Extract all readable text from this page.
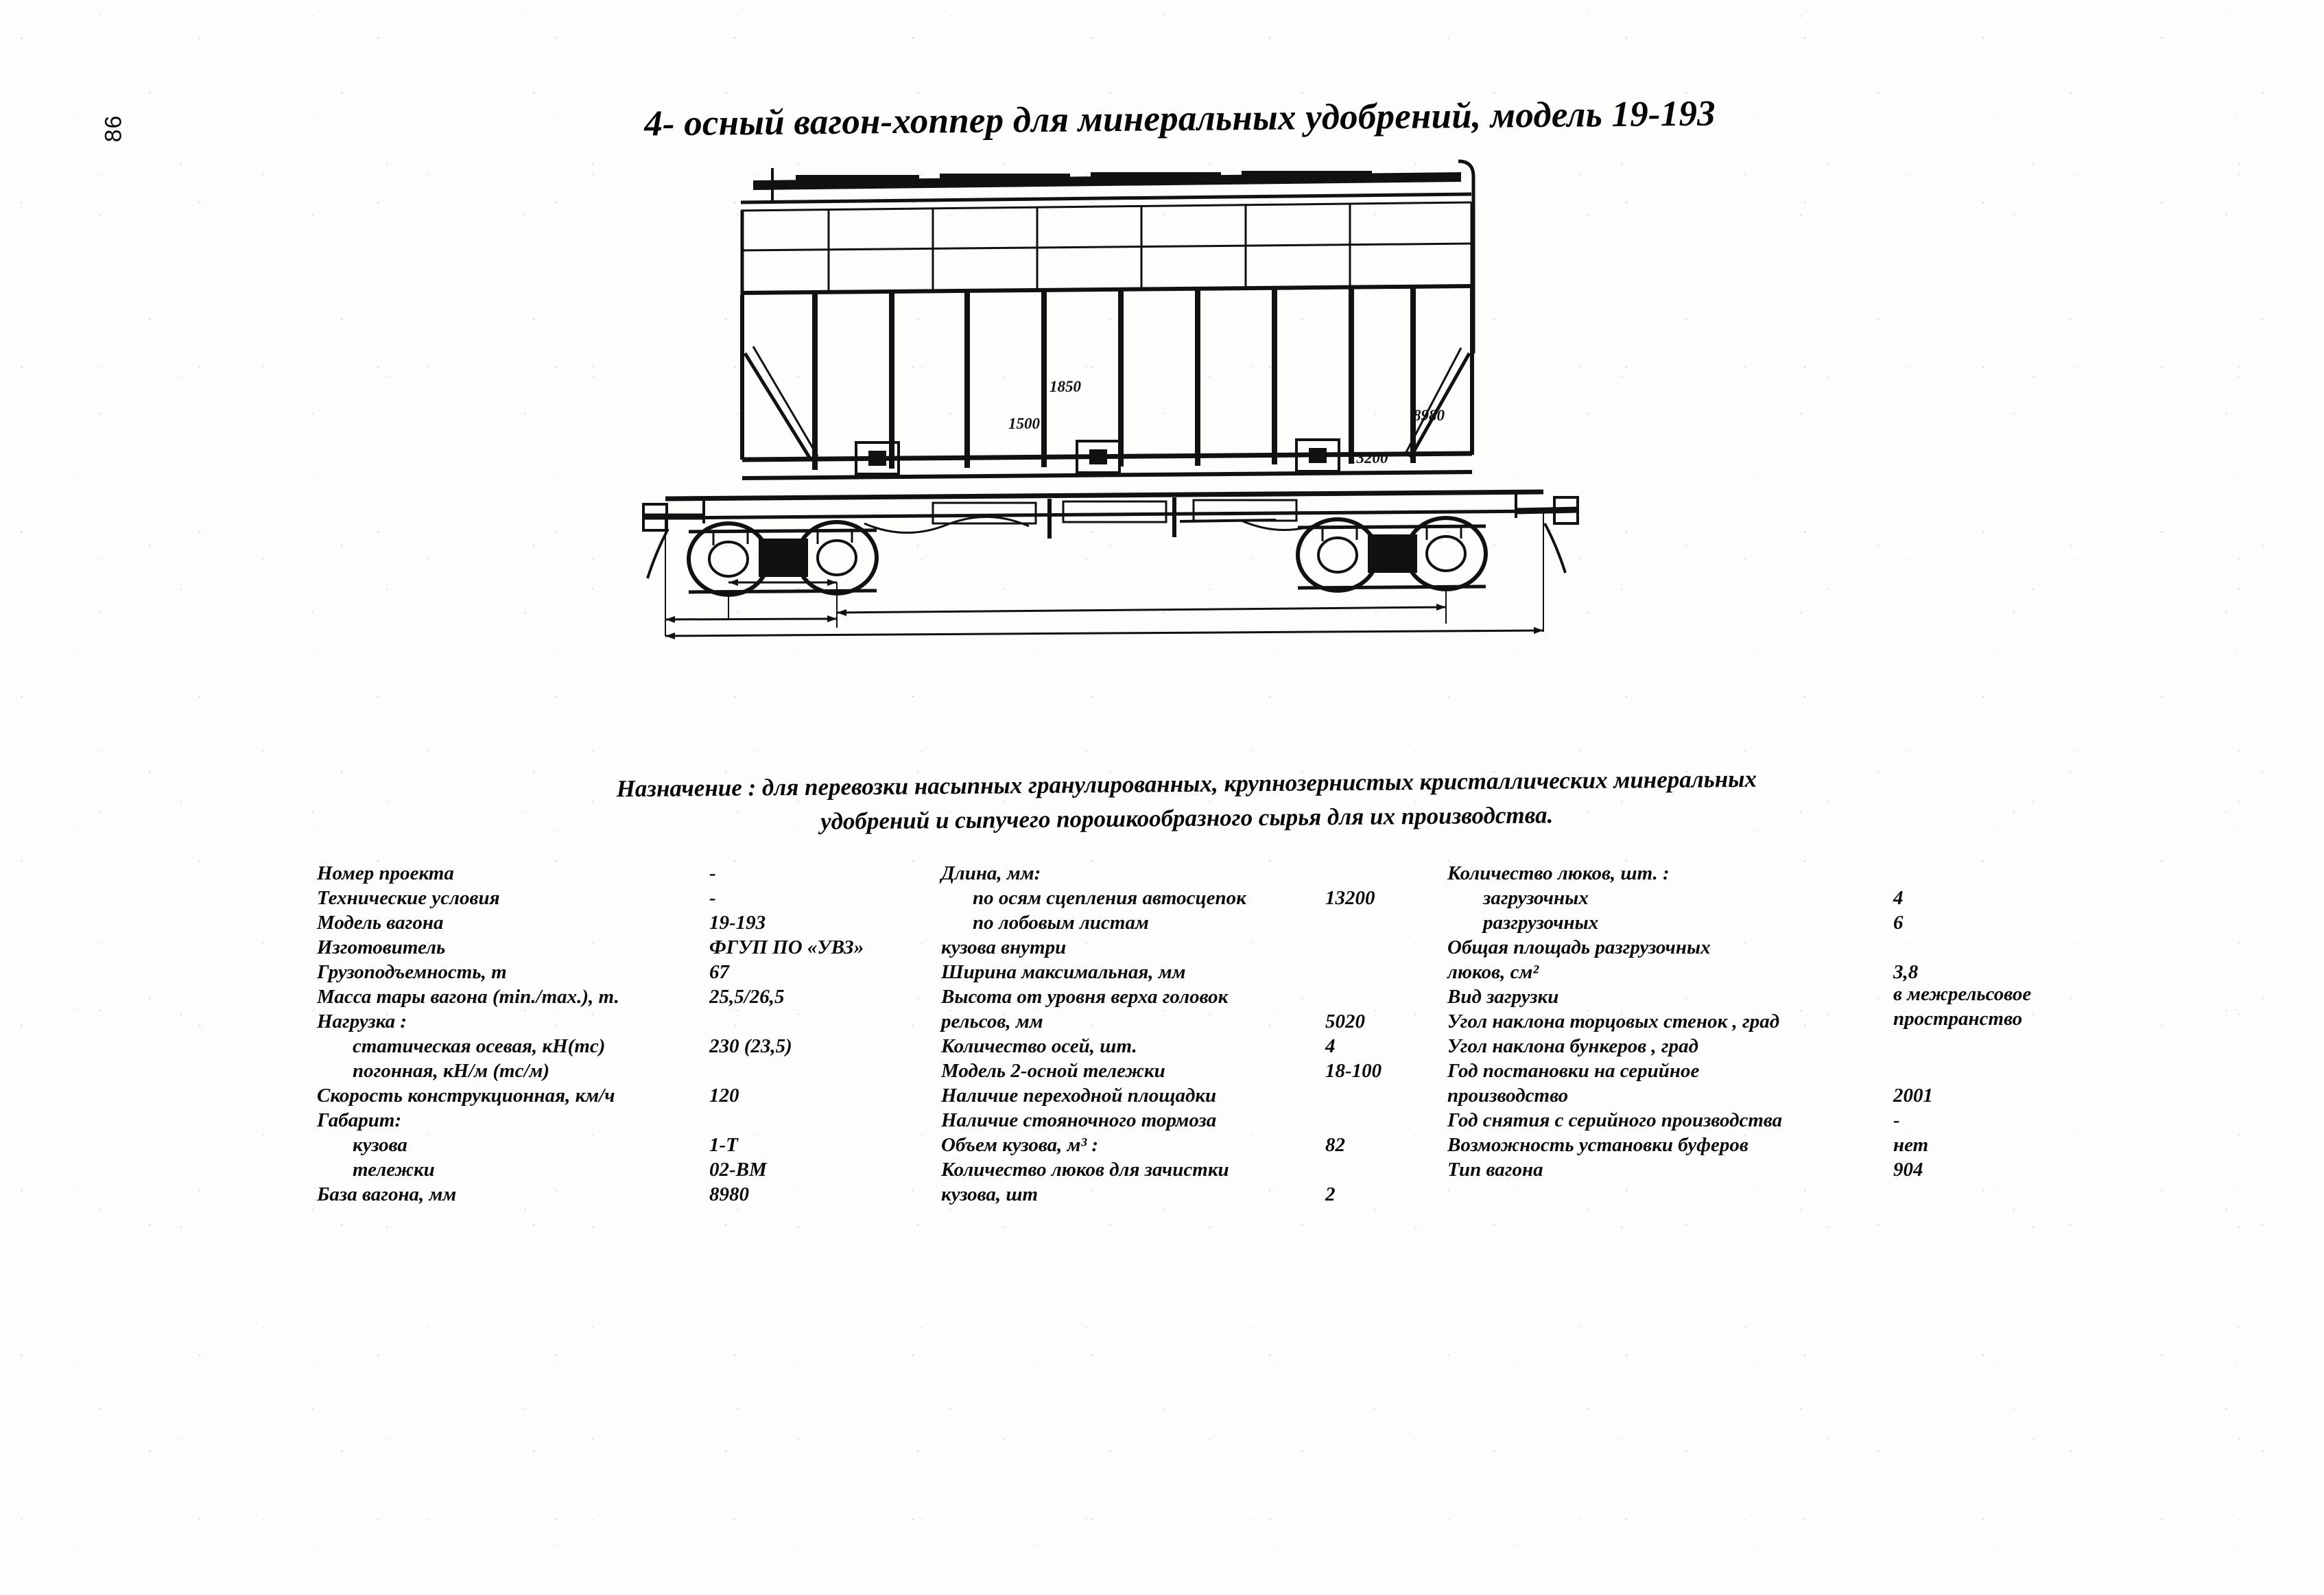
86	4- осный вагон-хоппер для минеральных удобрений, модель 19-193
1850
1500	8980
13200
Назначение : для перевозки насыпных гранулированных, крупнозернистых кристаллических минеральных
удобрений и сыпучего порошкообразного сырья для их производства.
Номер проекта	-
Технические условия	-
Модель вагона	19-193
Изготовитель	ФГУП ПО «УВЗ»
Грузоподъемность, т	67
Масса тары вагона (min./max.), т.	25,5/26,5
Нагрузка :
статическая осевая, кН(тс)	230 (23,5)
погонная, кН/м (тс/м)
Скорость конструкционная, км/ч	120
Габарит:
кузова	1-Т
тележки	02-ВМ
База вагона, мм	8980
Длина, мм:
по осям сцепления автосцепок	13200
по лобовым листам
кузова внутри
Ширина максимальная, мм
Высота от уровня верха головок
рельсов, мм	5020
Количество осей, шт.	4
Модель 2-осной тележки	18-100
Наличие переходной площадки
Наличие стояночного тормоза
Объем кузова, м³ :	82
Количество люков для зачистки
кузова, шт	2
Количество люков, шт. :
загрузочных	4
разгрузочных	6
Общая площадь разгрузочных
люков, см²	3,8
Вид загрузки	в межрельсовое пространство
Угол наклона торцовых стенок , град
Угол наклона бункеров , град
Год постановки на серийное
производство	2001
Год снятия с серийного производства	-
Возможность установки буферов	нет
Тип вагона	904
